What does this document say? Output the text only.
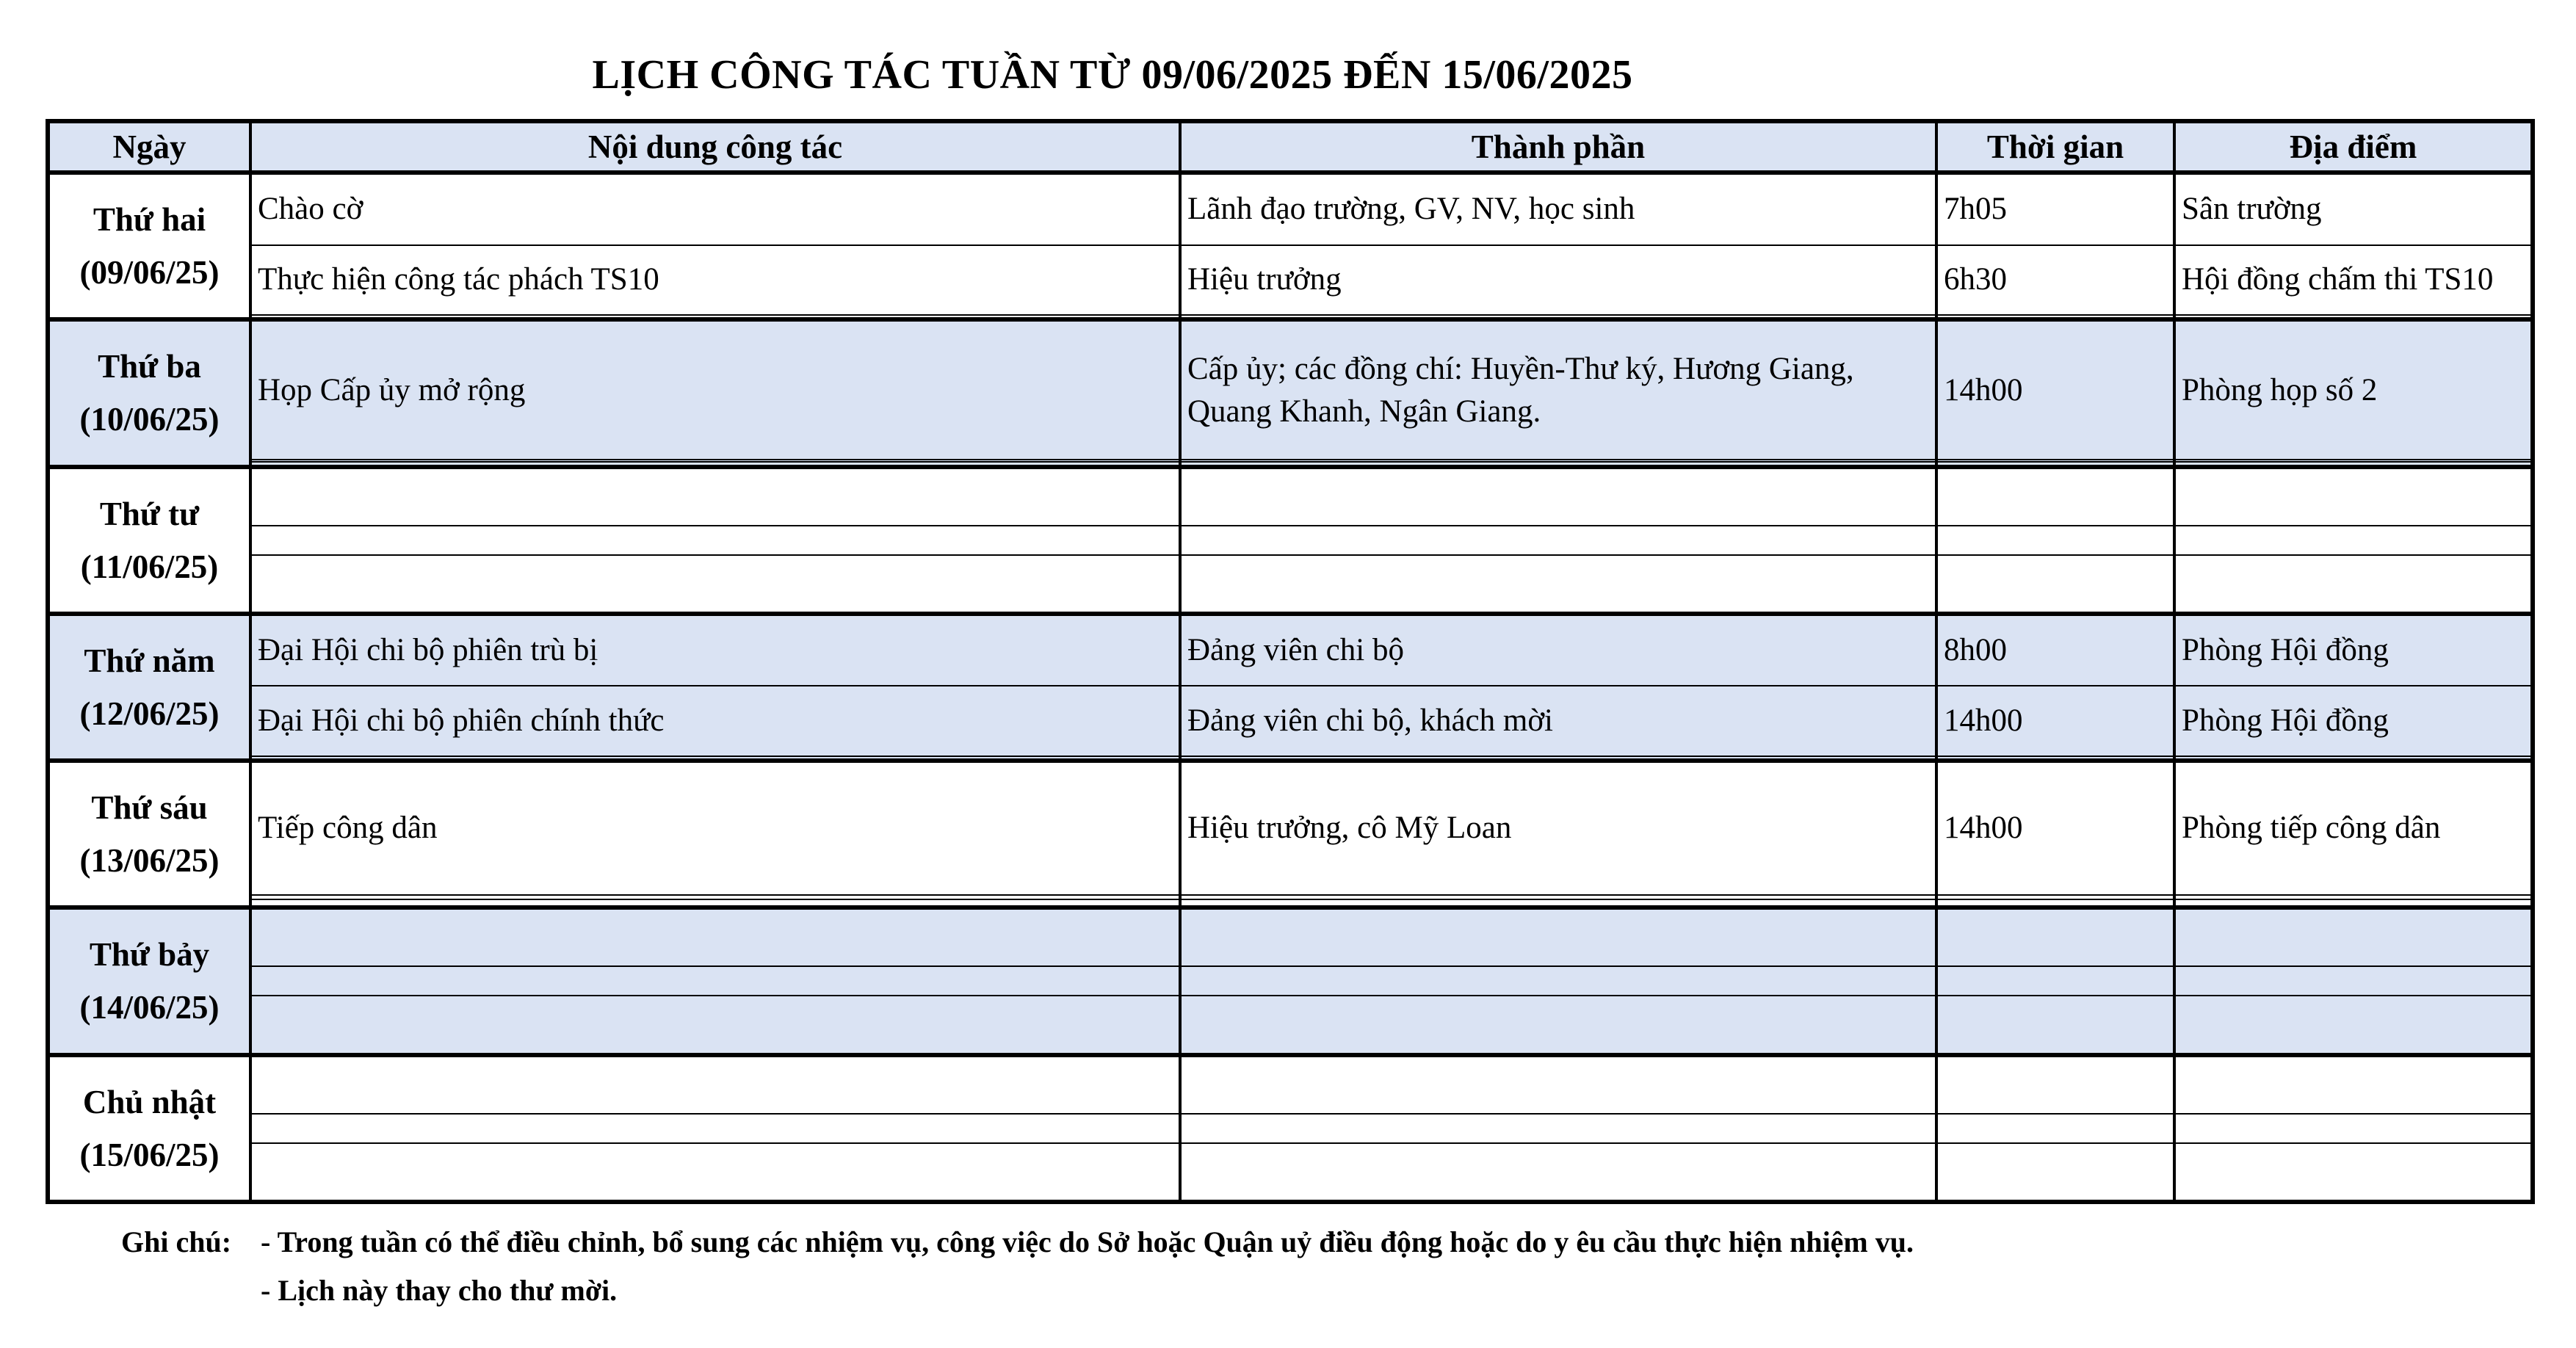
LỊCH CÔNG TÁC TUẦN TỪ 09/06/2025 ĐẾN 15/06/2025
Ngày	Nội dung công tác	Thành phần	Thời gian	Địa điểm

Thứ hai
(09/06/25)	Chào cờ	Lãnh đạo trường, GV, NV, học sinh	7h05	Sân trường
	Thực hiện công tác phách TS10	Hiệu trưởng	6h30	Hội đồng chấm thi TS10

Thứ ba
(10/06/25)	Họp Cấp ủy mở rộng	Cấp ủy; các đồng chí: Huyền-Thư ký, Hương Giang, Quang Khanh, Ngân Giang.	14h00	Phòng họp số 2

Thứ tư
(11/06/25)				

Thứ năm
(12/06/25)	Đại Hội chi bộ phiên trù bị	Đảng viên chi bộ	8h00	Phòng Hội đồng
	Đại Hội chi bộ phiên chính thức	Đảng viên chi bộ, khách mời	14h00	Phòng Hội đồng

Thứ sáu
(13/06/25)	Tiếp công dân	Hiệu trưởng, cô Mỹ Loan	14h00	Phòng tiếp công dân

Thứ bảy
(14/06/25)				

Chủ nhật
(15/06/25)				

Ghi chú: - Trong tuần có thể điều chỉnh, bổ sung các nhiệm vụ, công việc do Sở hoặc Quận uỷ điều động hoặc do y êu cầu thực hiện nhiệm vụ.
- Lịch này thay cho thư mời.
